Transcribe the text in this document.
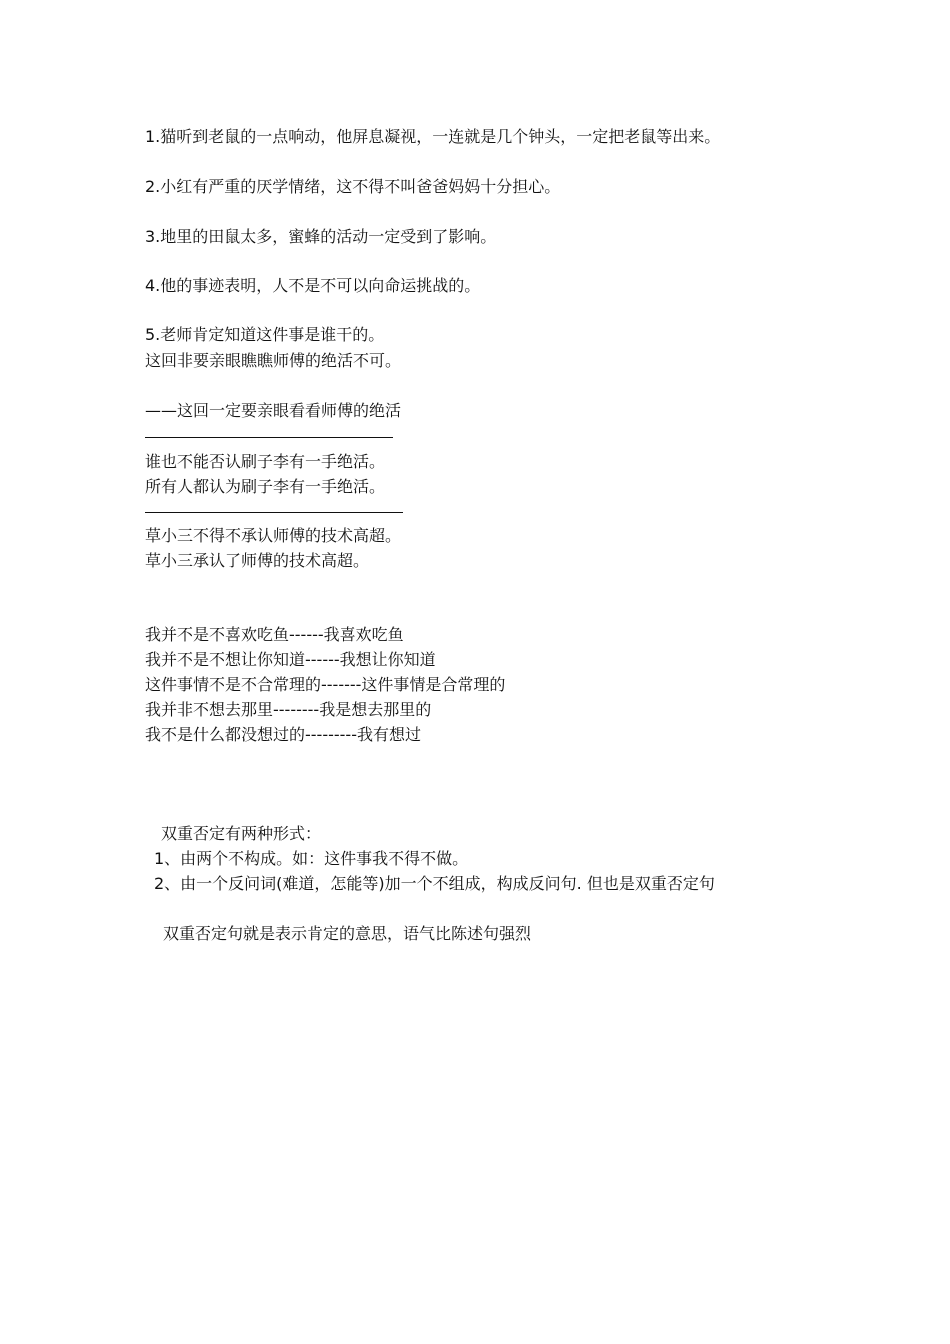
1.猫听到老鼠的一点响动，他屏息凝视，一连就是几个钟头，一定把老鼠等出来。
2.小红有严重的厌学情绪，这不得不叫爸爸妈妈十分担心。
3.地里的田鼠太多，蜜蜂的活动一定受到了影响。
4.他的事迹表明，人不是不可以向命运挑战的。
5.老师肯定知道这件事是谁干的。
这回非要亲眼瞧瞧师傅的绝活不可。
——这回一定要亲眼看看师傅的绝活
谁也不能否认刷子李有一手绝活。
所有人都认为刷子李有一手绝活。
草小三不得不承认师傅的技术高超。
草小三承认了师傅的技术高超。
我并不是不喜欢吃鱼------我喜欢吃鱼
我并不是不想让你知道------我想让你知道
这件事情不是不合常理的-------这件事情是合常理的
我并非不想去那里--------我是想去那里的
我不是什么都没想过的---------我有想过
双重否定有两种形式：
1、由两个不构成。如：这件事我不得不做。
2、由一个反问词(难道，怎能等)加一个不组成，构成反问句. 但也是双重否定句
双重否定句就是表示肯定的意思，语气比陈述句强烈
